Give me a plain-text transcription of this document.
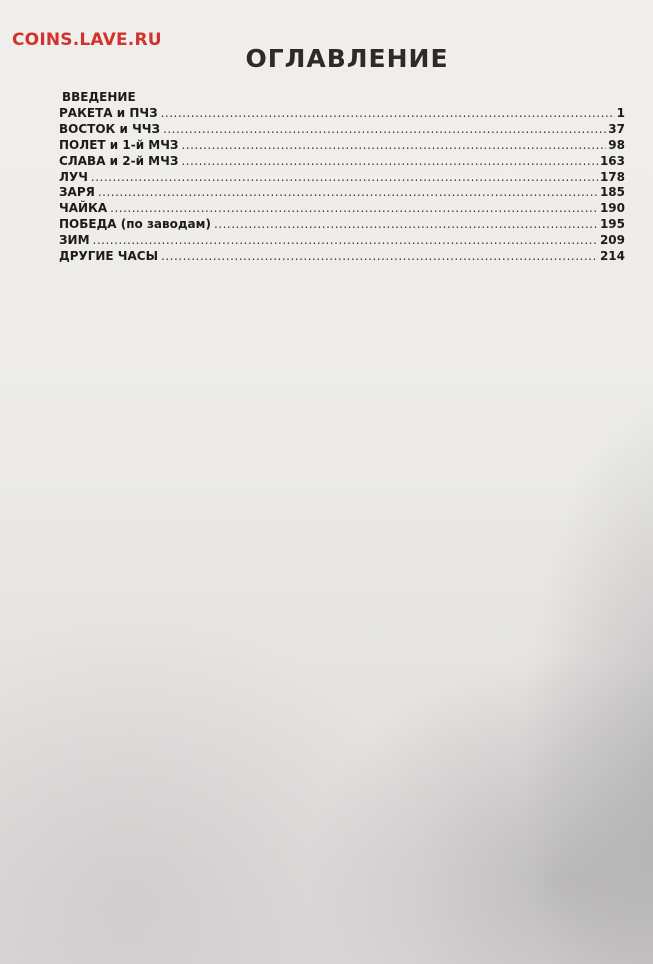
COINS.LAVE.RU
ОГЛАВЛЕНИЕ
ВВЕДЕНИЕ
РАКЕТА и ПЧЗ .....	1
ВОСТОК и ЧЧЗ .....	37
ПОЛЕТ и 1-й МЧЗ .....	98
СЛАВА и 2-й МЧЗ .....	163
ЛУЧ .....	178
ЗАРЯ .....	185
ЧАЙКА .....	190
ПОБЕДА (по заводам) .....	195
ЗИМ .....	209
ДРУГИЕ ЧАСЫ .....	214
